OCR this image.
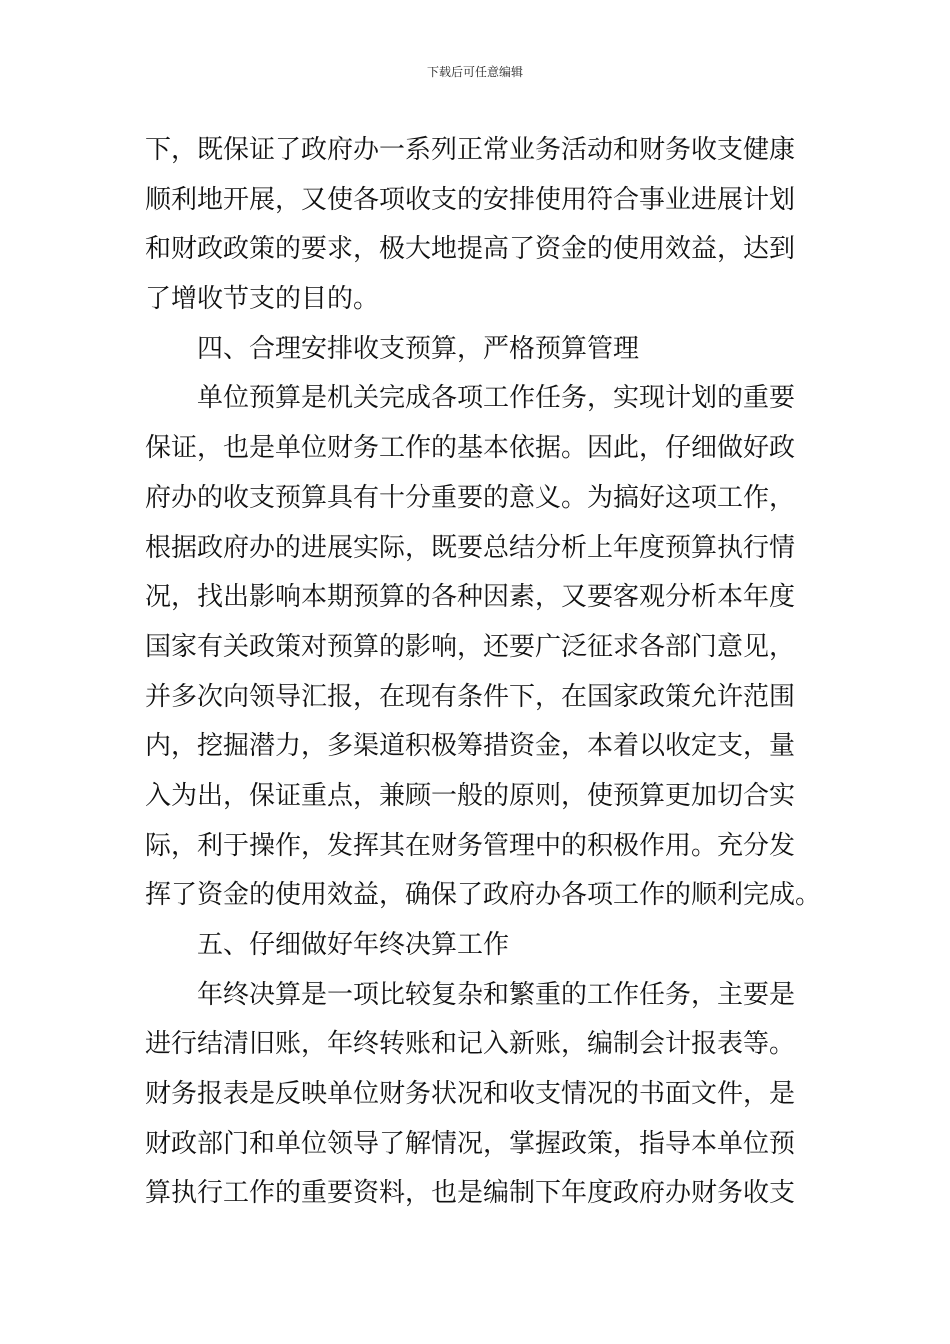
下载后可任意编辑
下，既保证了政府办一系列正常业务活动和财务收支健康
顺利地开展，又使各项收支的安排使用符合事业进展计划
和财政政策的要求，极大地提高了资金的使用效益，达到
了增收节支的目的。
四、合理安排收支预算，严格预算管理
单位预算是机关完成各项工作任务，实现计划的重要
保证，也是单位财务工作的基本依据。因此，仔细做好政
府办的收支预算具有十分重要的意义。为搞好这项工作，
根据政府办的进展实际，既要总结分析上年度预算执行情
况，找出影响本期预算的各种因素，又要客观分析本年度
国家有关政策对预算的影响，还要广泛征求各部门意见，
并多次向领导汇报，在现有条件下，在国家政策允许范围
内，挖掘潜力，多渠道积极筹措资金，本着以收定支，量
入为出，保证重点，兼顾一般的原则，使预算更加切合实
际，利于操作，发挥其在财务管理中的积极作用。充分发
挥了资金的使用效益，确保了政府办各项工作的顺利完成。
五、仔细做好年终决算工作
年终决算是一项比较复杂和繁重的工作任务，主要是
进行结清旧账，年终转账和记入新账，编制会计报表等。
财务报表是反映单位财务状况和收支情况的书面文件，是
财政部门和单位领导了解情况，掌握政策，指导本单位预
算执行工作的重要资料，也是编制下年度政府办财务收支
